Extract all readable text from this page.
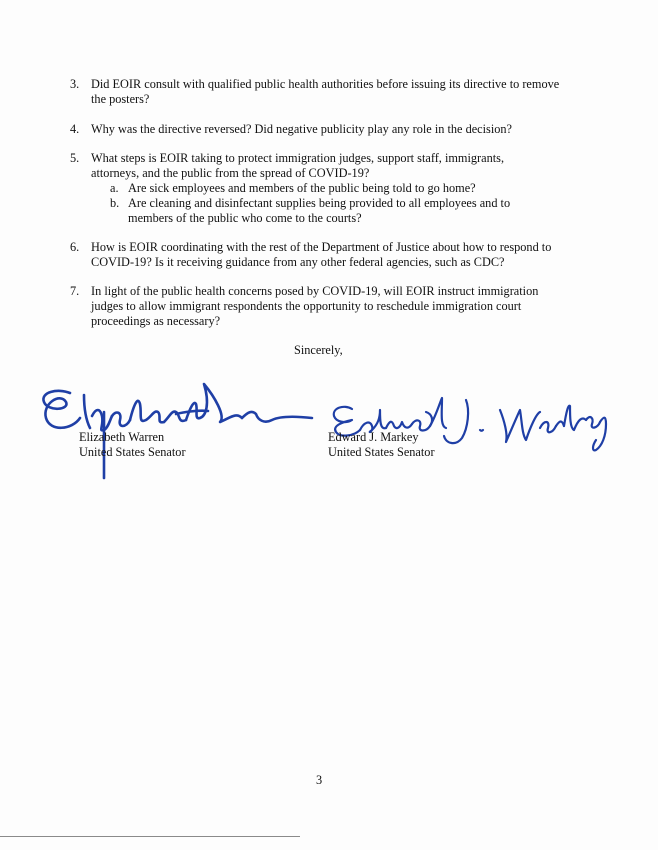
3. Did EOIR consult with qualified public health authorities before issuing its directive to remove the posters?
4. Why was the directive reversed? Did negative publicity play any role in the decision?
5. What steps is EOIR taking to protect immigration judges, support staff, immigrants, attorneys, and the public from the spread of COVID-19?
a. Are sick employees and members of the public being told to go home?
b. Are cleaning and disinfectant supplies being provided to all employees and to members of the public who come to the courts?
6. How is EOIR coordinating with the rest of the Department of Justice about how to respond to COVID-19? Is it receiving guidance from any other federal agencies, such as CDC?
7. In light of the public health concerns posed by COVID-19, will EOIR instruct immigration judges to allow immigrant respondents the opportunity to reschedule immigration court proceedings as necessary?
Sincerely,
Elizabeth Warren
United States Senator
Edward J. Markey
United States Senator
3
